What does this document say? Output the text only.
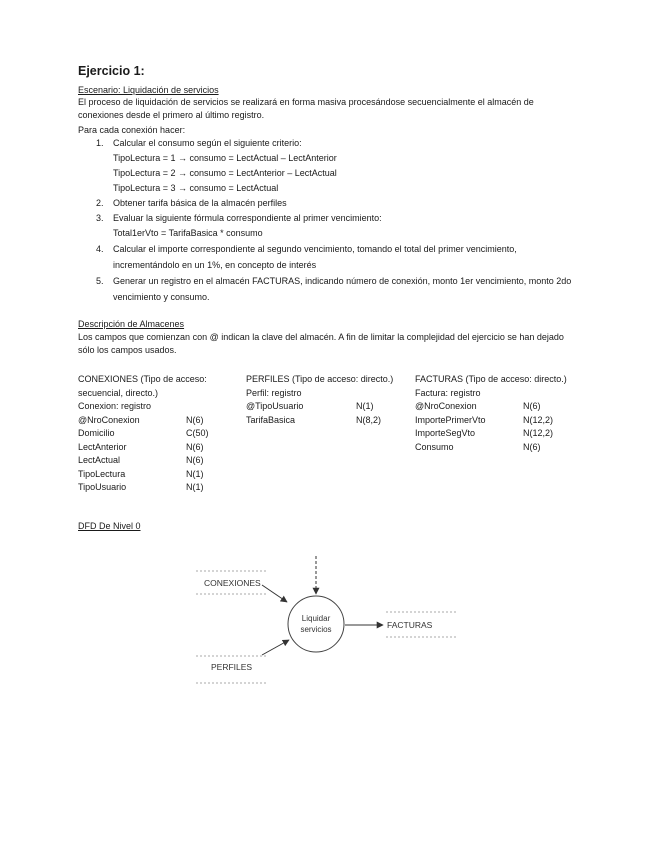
Ejercicio 1:
Escenario: Liquidación de servicios
El proceso de liquidación de servicios se realizará en forma masiva procesándose secuencialmente el almacén de conexiones desde el primero al último registro.
Para cada conexión hacer:
1. Calcular el consumo según el siguiente criterio:
TipoLectura = 1 → consumo = LectActual – LectAnterior
TipoLectura = 2 → consumo = LectAnterior – LectActual
TipoLectura = 3 → consumo = LectActual
2. Obtener tarifa básica de la almacén perfiles
3. Evaluar la siguiente fórmula correspondiente al primer vencimiento:
Total1erVto = TarifaBasica * consumo
4. Calcular el importe correspondiente al segundo vencimiento, tomando el total del primer vencimiento, incrementándolo en un 1%, en concepto de interés
5. Generar un registro en el almacén FACTURAS, indicando número de conexión, monto 1er vencimiento, monto 2do vencimiento y consumo.
Descripción de Almacenes
Los campos que comienzan con @ indican la clave del almacén. A fin de limitar la complejidad del ejercicio se han dejado sólo los campos usados.
CONEXIONES (Tipo de acceso: secuencial, directo.)
Conexion: registro
@NroConexion	N(6)
Domicilio	C(50)
LectAnterior	N(6)
LectActual	N(6)
TipoLectura	N(1)
TipoUsuario	N(1)
PERFILES (Tipo de acceso: directo.)
Perfil: registro
@TipoUsuario	N(1)
TarifaBasica	N(8,2)
FACTURAS (Tipo de acceso: directo.)
Factura: registro
@NroConexion	N(6)
ImportePrimerVto	N(12,2)
ImporteSegVto	N(12,2)
Consumo	N(6)
DFD De Nivel 0
CONEXIONES
PERFILES
FACTURAS
Liquidar
servicios
